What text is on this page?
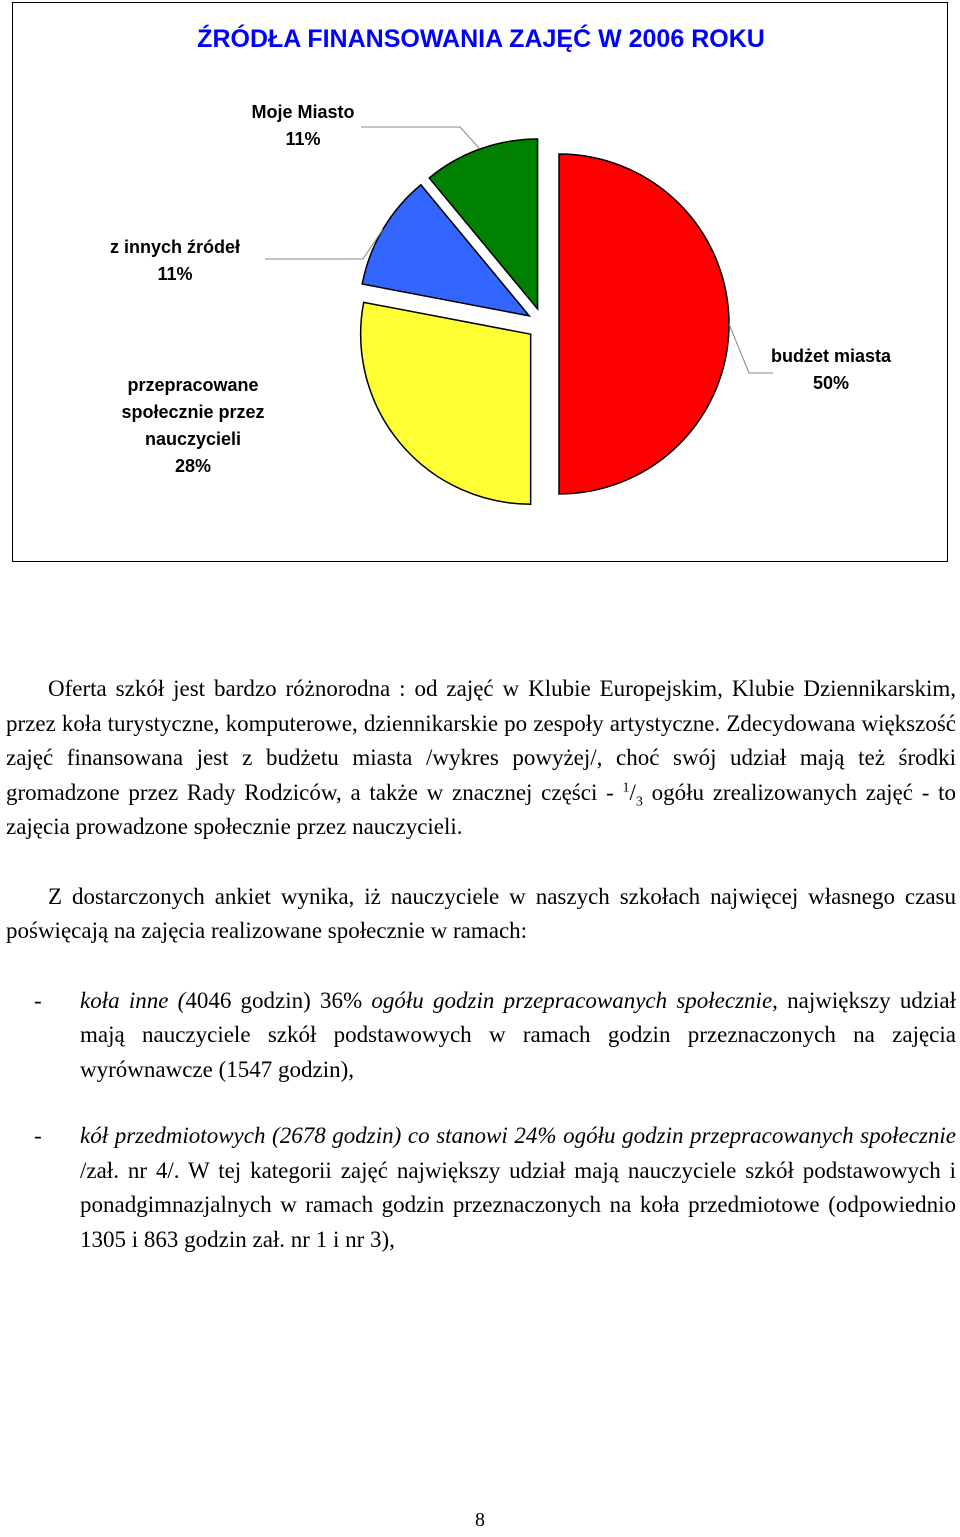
ŹRÓDŁA FINANSOWANIA ZAJĘĆ W 2006 ROKU
Moje Miasto
11%
z innych źródeł
11%
przepracowane
społecznie przez
nauczycieli
28%
budżet miasta
50%

Oferta szkół jest bardzo różnorodna : od zajęć w Klubie Europejskim, Klubie Dziennikarskim, przez koła turystyczne, komputerowe, dziennikarskie po zespoły artystyczne. Zdecydowana większość zajęć finansowana jest z budżetu miasta /wykres powyżej/, choć swój udział mają też środki gromadzone przez Rady Rodziców, a także w znacznej części - $^1/_3$ ogółu zrealizowanych zajęć - to zajęcia prowadzone społecznie przez nauczycieli.

Z dostarczonych ankiet wynika, iż nauczyciele w naszych szkołach najwięcej własnego czasu poświęcają na zajęcia realizowane społecznie w ramach:

- koła inne (4046 godzin) 36% ogółu godzin przepracowanych społecznie, największy udział mają nauczyciele szkół podstawowych w ramach godzin przeznaczonych na zajęcia wyrównawcze (1547 godzin),

- kół przedmiotowych (2678 godzin) co stanowi 24% ogółu godzin przepracowanych społecznie /zał. nr 4/. W tej kategorii zajęć największy udział mają nauczyciele szkół podstawowych i ponadgimnazjalnych w ramach godzin przeznaczonych na koła przedmiotowe (odpowiednio 1305 i 863 godzin zał. nr 1 i nr 3),

8
